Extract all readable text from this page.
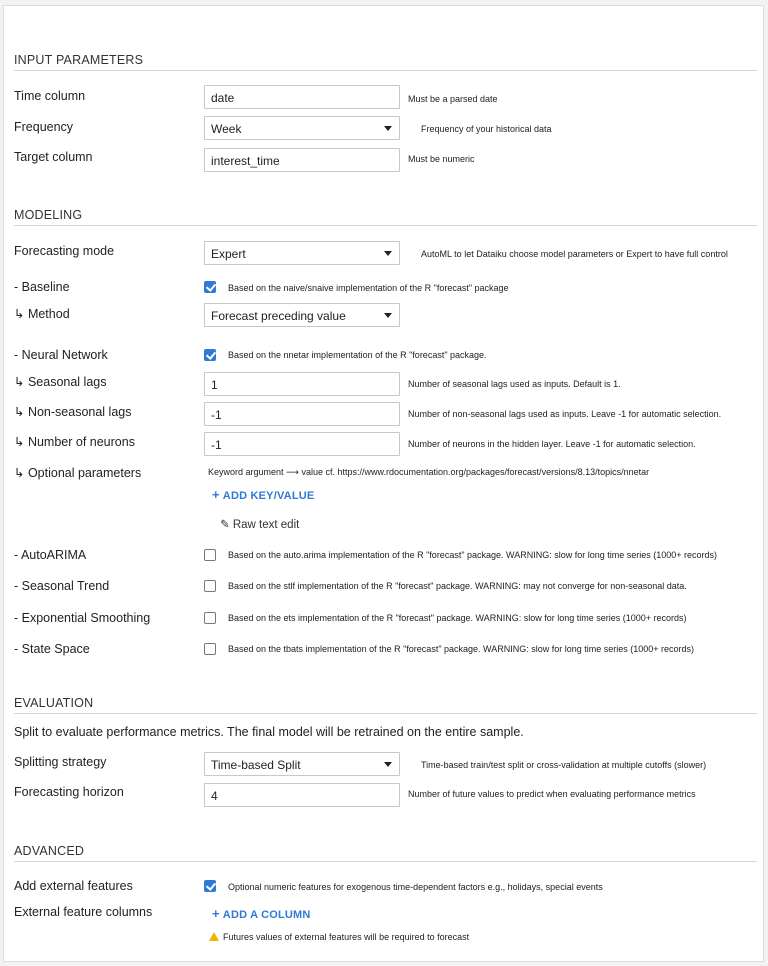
INPUT PARAMETERS
Time column	date	Must be a parsed date
Frequency	Week	Frequency of your historical data
Target column	interest_time	Must be numeric
MODELING
Forecasting mode	Expert	AutoML to let Dataiku choose model parameters or Expert to have full control
- Baseline	Based on the naive/snaive implementation of the R "forecast" package
↳ Method	Forecast preceding value
- Neural Network	Based on the nnetar implementation of the R "forecast" package.
↳ Seasonal lags	1	Number of seasonal lags used as inputs. Default is 1.
↳ Non-seasonal lags	-1	Number of non-seasonal lags used as inputs. Leave -1 for automatic selection.
↳ Number of neurons	-1	Number of neurons in the hidden layer. Leave -1 for automatic selection.
↳ Optional parameters	Keyword argument ⟶ value cf. https://www.rdocumentation.org/packages/forecast/versions/8.13/topics/nnetar
+ ADD KEY/VALUE
✎ Raw text edit
- AutoARIMA	Based on the auto.arima implementation of the R "forecast" package. WARNING: slow for long time series (1000+ records)
- Seasonal Trend	Based on the stlf implementation of the R "forecast" package. WARNING: may not converge for non-seasonal data.
- Exponential Smoothing	Based on the ets implementation of the R "forecast" package. WARNING: slow for long time series (1000+ records)
- State Space	Based on the tbats implementation of the R "forecast" package. WARNING: slow for long time series (1000+ records)
EVALUATION
Split to evaluate performance metrics. The final model will be retrained on the entire sample.
Splitting strategy	Time-based Split	Time-based train/test split or cross-validation at multiple cutoffs (slower)
Forecasting horizon	4	Number of future values to predict when evaluating performance metrics
ADVANCED
Add external features	Optional numeric features for exogenous time-dependent factors e.g., holidays, special events
External feature columns	+ ADD A COLUMN
Futures values of external features will be required to forecast
